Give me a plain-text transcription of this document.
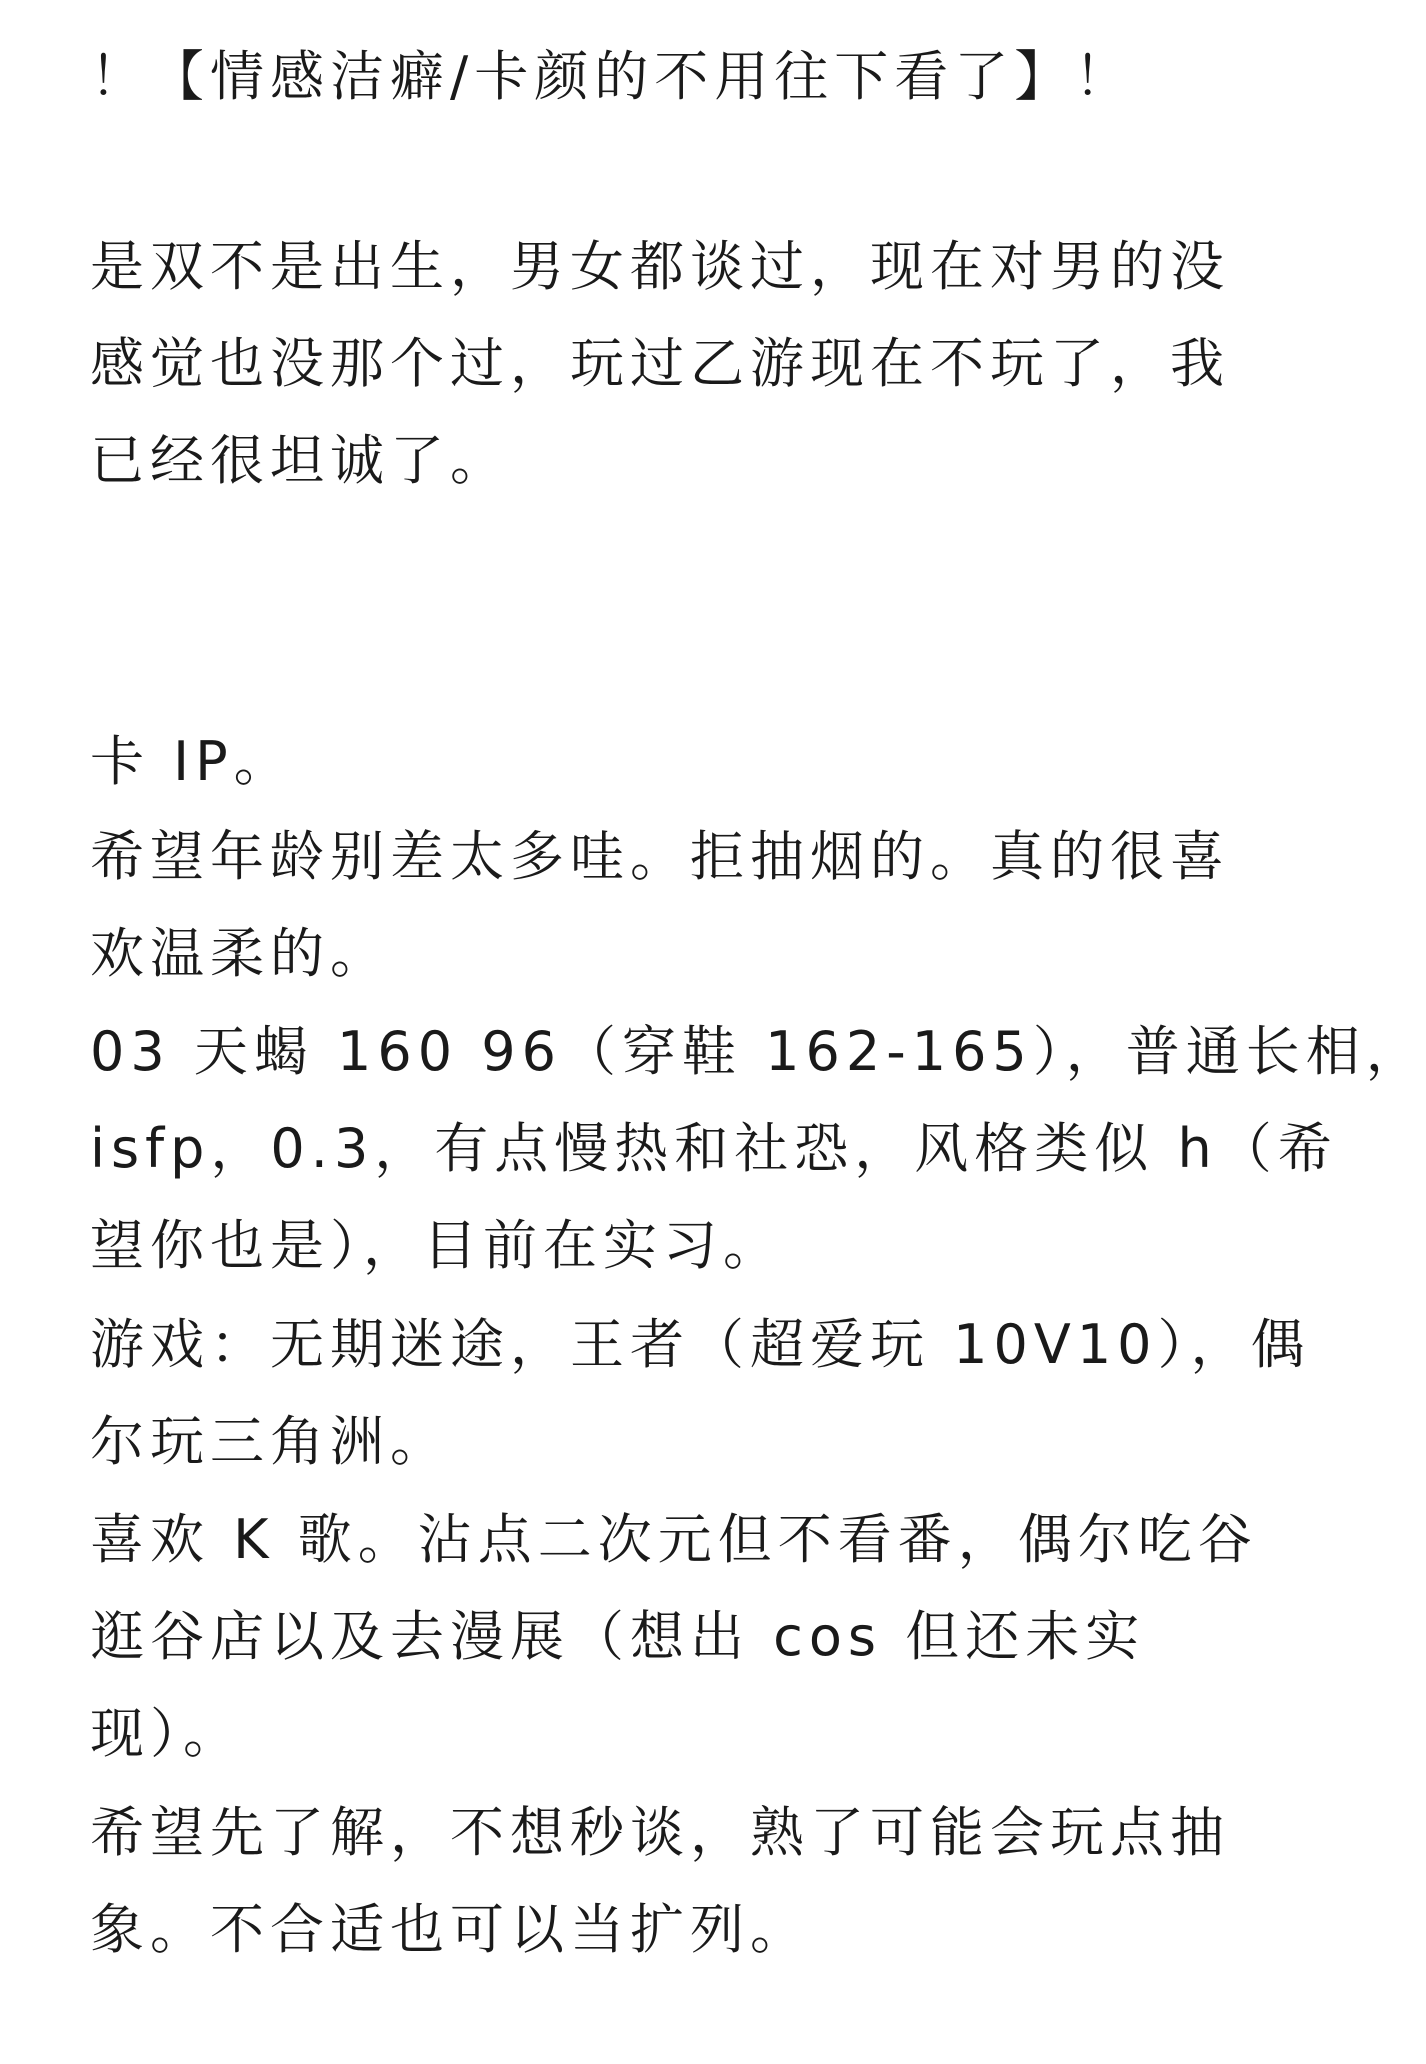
！【情感洁癖/卡颜的不用往下看了】！
是双不是出生，男女都谈过，现在对男的没
感觉也没那个过，玩过乙游现在不玩了，我
已经很坦诚了。
卡 IP。
希望年龄别差太多哇。拒抽烟的。真的很喜
欢温柔的。
03 天蝎 160 96（穿鞋 162-165），普通长相，
isfp，0.3，有点慢热和社恐，风格类似 h（希
望你也是），目前在实习。
游戏：无期迷途，王者（超爱玩 10V10），偶
尔玩三角洲。
喜欢 K 歌。沾点二次元但不看番，偶尔吃谷
逛谷店以及去漫展（想出 cos 但还未实
现）。
希望先了解，不想秒谈，熟了可能会玩点抽
象。不合适也可以当扩列。
